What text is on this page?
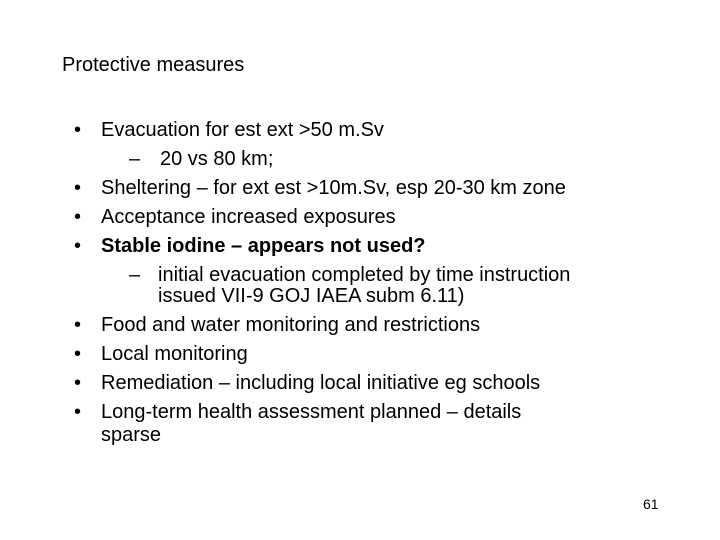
Protective measures
• Evacuation for est ext >50 m.Sv
– 20 vs 80 km;
• Sheltering – for ext est >10m.Sv, esp 20-30 km zone
• Acceptance increased exposures
• Stable iodine – appears not used?
– initial evacuation completed by time instruction
issued VII-9 GOJ IAEA subm 6.11)
• Food and water monitoring and restrictions
• Local monitoring
• Remediation – including local initiative eg schools
• Long-term health assessment planned – details
sparse
61
